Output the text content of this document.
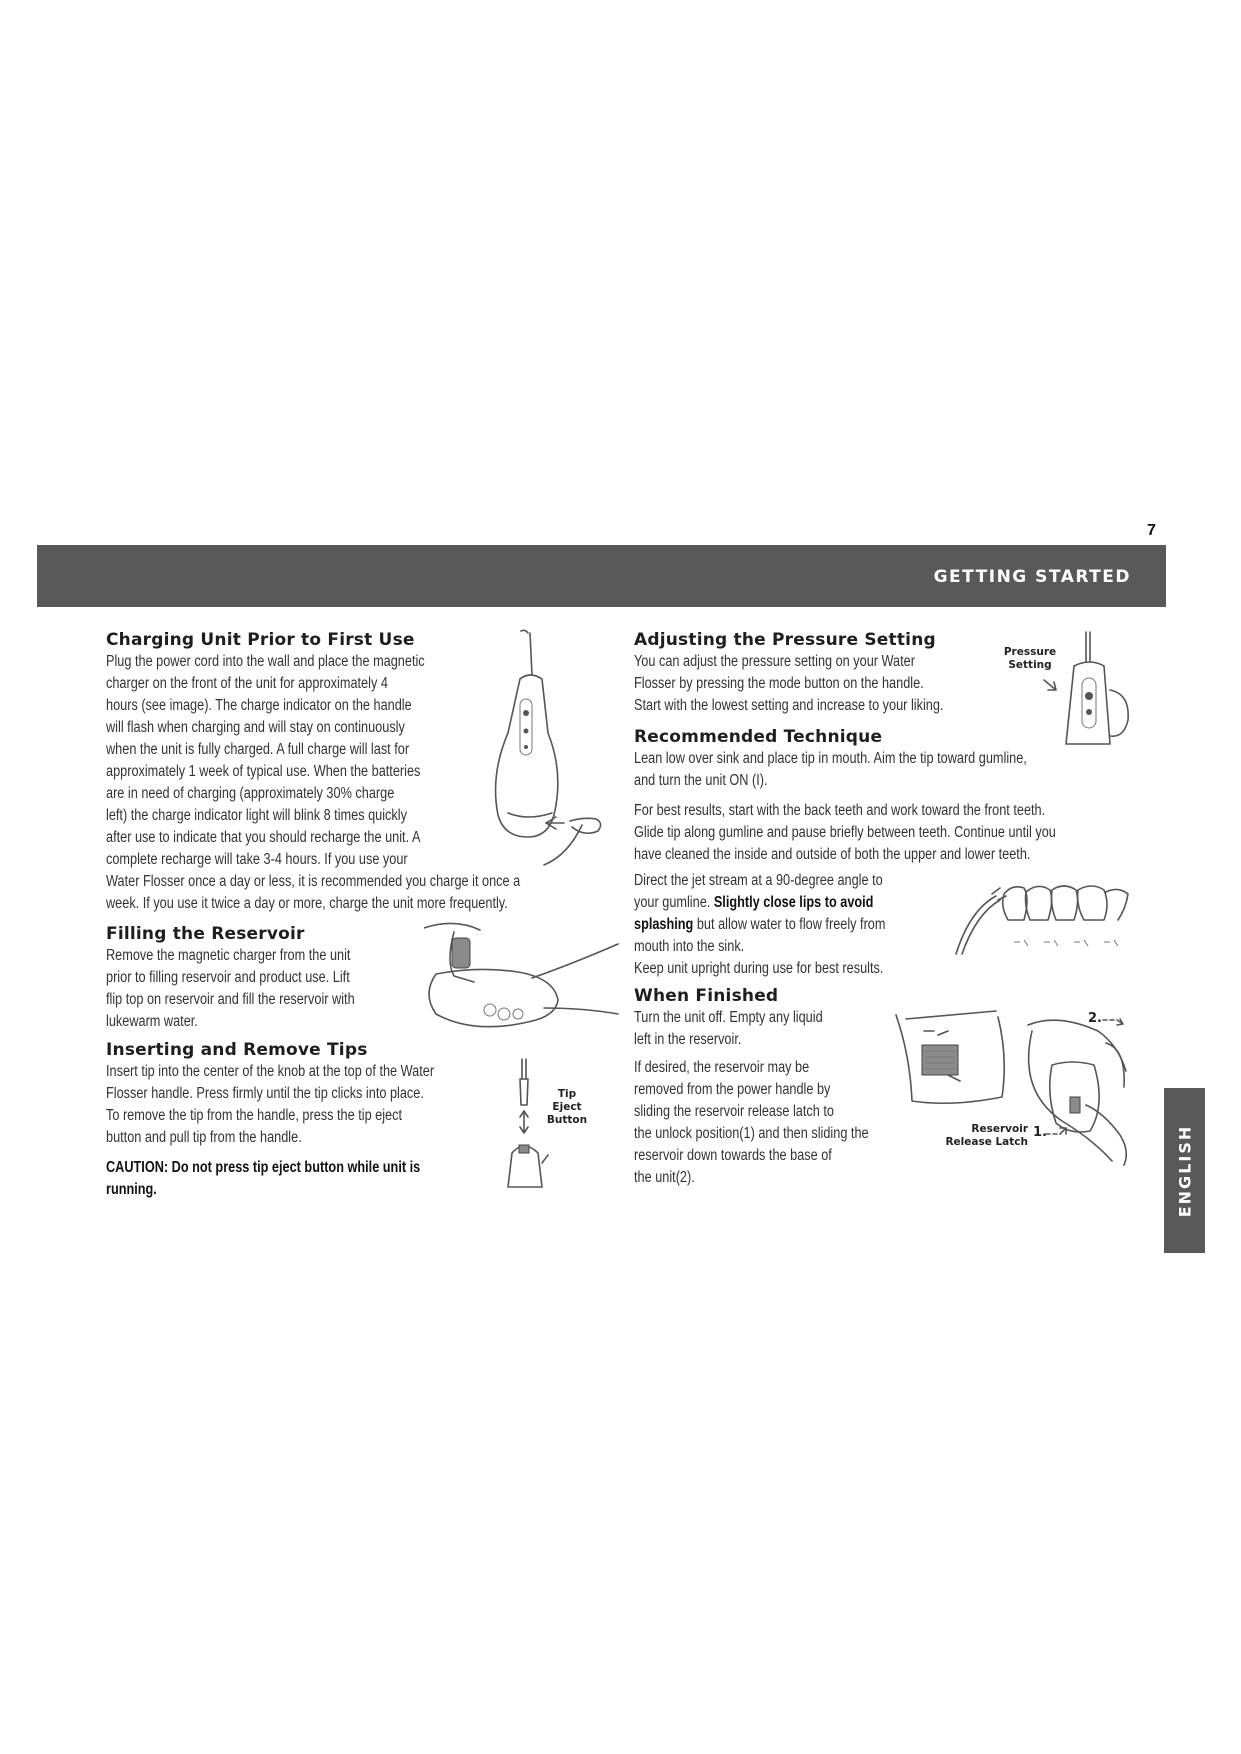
7
GETTING STARTED
ENGLISH
Charging Unit Prior to First Use

Plug the power cord into the wall and place the magnetic

charger on the front of the unit for approximately 4

hours (see image). The charge indicator on the handle

will flash when charging and will stay on continuously

when the unit is fully charged. A full charge will last for

approximately 1 week of typical use. When the batteries

are in need of charging (approximately 30% charge

left) the charge indicator light will blink 8 times quickly

after use to indicate that you should recharge the unit. A

complete recharge will take 3-4 hours. If you use your

Water Flosser once a day or less, it is recommended you charge it once a

week. If you use it twice a day or more, charge the unit more frequently.

Filling the Reservoir

Remove the magnetic charger from the unit

prior to filling reservoir and product use. Lift

flip top on reservoir and fill the reservoir with

lukewarm water.

Inserting and Remove Tips

Insert tip into the center of the knob at the top of the Water

Flosser handle. Press firmly until the tip clicks into place.

To remove the tip from the handle, press the tip eject

button and pull tip from the handle.

CAUTION: Do not press tip eject button while unit is running.

Tip Eject Button
Adjusting the Pressure Setting

You can adjust the pressure setting on your Water

Flosser by pressing the mode button on the handle.

Start with the lowest setting and increase to your liking.

Pressure Setting
Recommended Technique

Lean low over sink and place tip in mouth. Aim the tip toward gumline,

and turn the unit ON (I).

For best results, start with the back teeth and work toward the front teeth.

Glide tip along gumline and pause briefly between teeth. Continue until you

have cleaned the inside and outside of both the upper and lower teeth.

Direct the jet stream at a 90-degree angle to

your gumline. Slightly close lips to avoid

splashing but allow water to flow freely from

mouth into the sink.

Keep unit upright during use for best results.

When Finished

Turn the unit off. Empty any liquid

left in the reservoir.

If desired, the reservoir may be

removed from the power handle by

sliding the reservoir release latch to

the unlock position(1) and then sliding the

reservoir down towards the base of

the unit(2).

Reservoir Release Latch
1.
2.
